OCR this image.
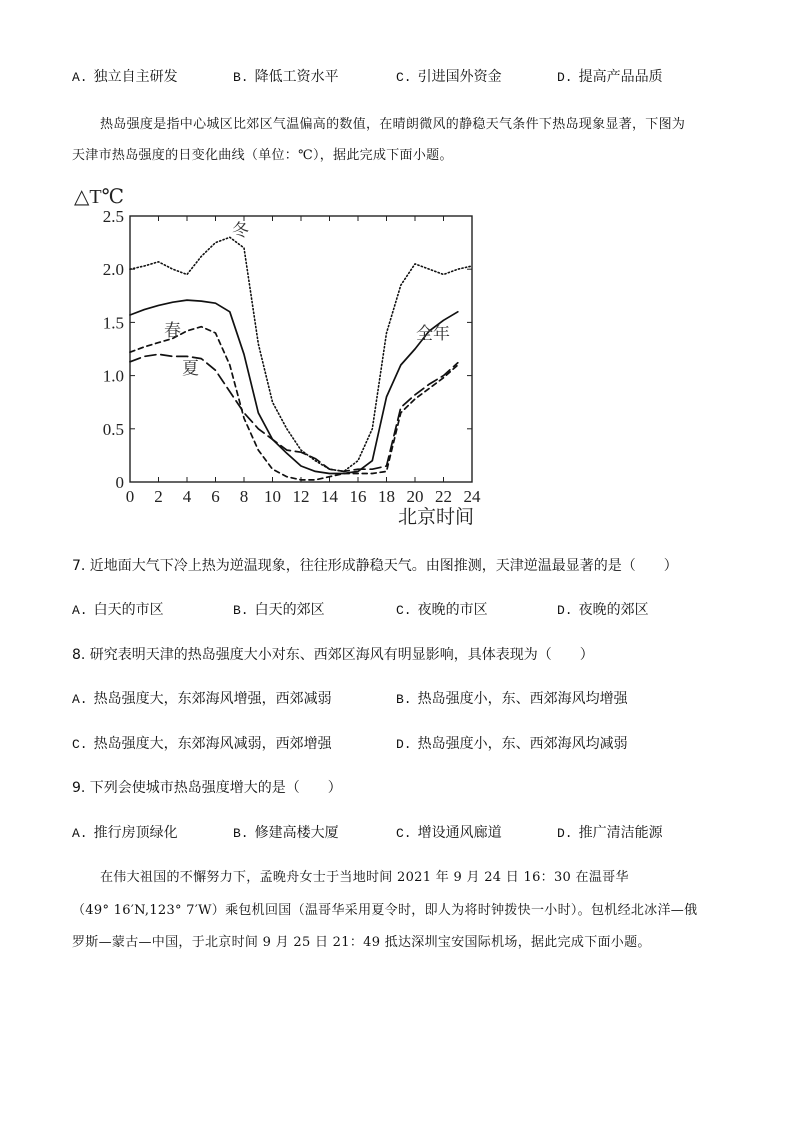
A. 独立自主研发	B. 降低工资水平	C. 引进国外资金	D. 提高产品品质
热岛强度是指中心城区比郊区气温偏高的数值，在晴朗微风的静稳天气条件下热岛现象显著，下图为
天津市热岛强度的日变化曲线（单位：℃），据此完成下面小题。
0 2 4 6 8 10 12 14 16 18 20 22 24
0
0.5
1.0
1.5
2.0
2.5
△T℃
北京时间
冬
春
夏
全年
7. 近地面大气下冷上热为逆温现象，往往形成静稳天气。由图推测，天津逆温最显著的是（　　）
A. 白天的市区	B. 白天的郊区	C. 夜晚的市区	D. 夜晚的郊区
8. 研究表明天津的热岛强度大小对东、西郊区海风有明显影响，具体表现为（　　）
A. 热岛强度大，东郊海风增强，西郊减弱	B. 热岛强度小，东、西郊海风均增强
C. 热岛强度大，东郊海风减弱，西郊增强	D. 热岛强度小，东、西郊海风均减弱
9. 下列会使城市热岛强度增大的是（　　）
A. 推行房顶绿化	B. 修建高楼大厦	C. 增设通风廊道	D. 推广清洁能源
在伟大祖国的不懈努力下，孟晚舟女士于当地时间 2021 年 9 月 24 日 16：30 在温哥华
（49° 16′N,123° 7′W）乘包机回国（温哥华采用夏令时，即人为将时钟拨快一小时）。包机经北冰洋—俄
罗斯—蒙古—中国，于北京时间 9 月 25 日 21：49 抵达深圳宝安国际机场，据此完成下面小题。
